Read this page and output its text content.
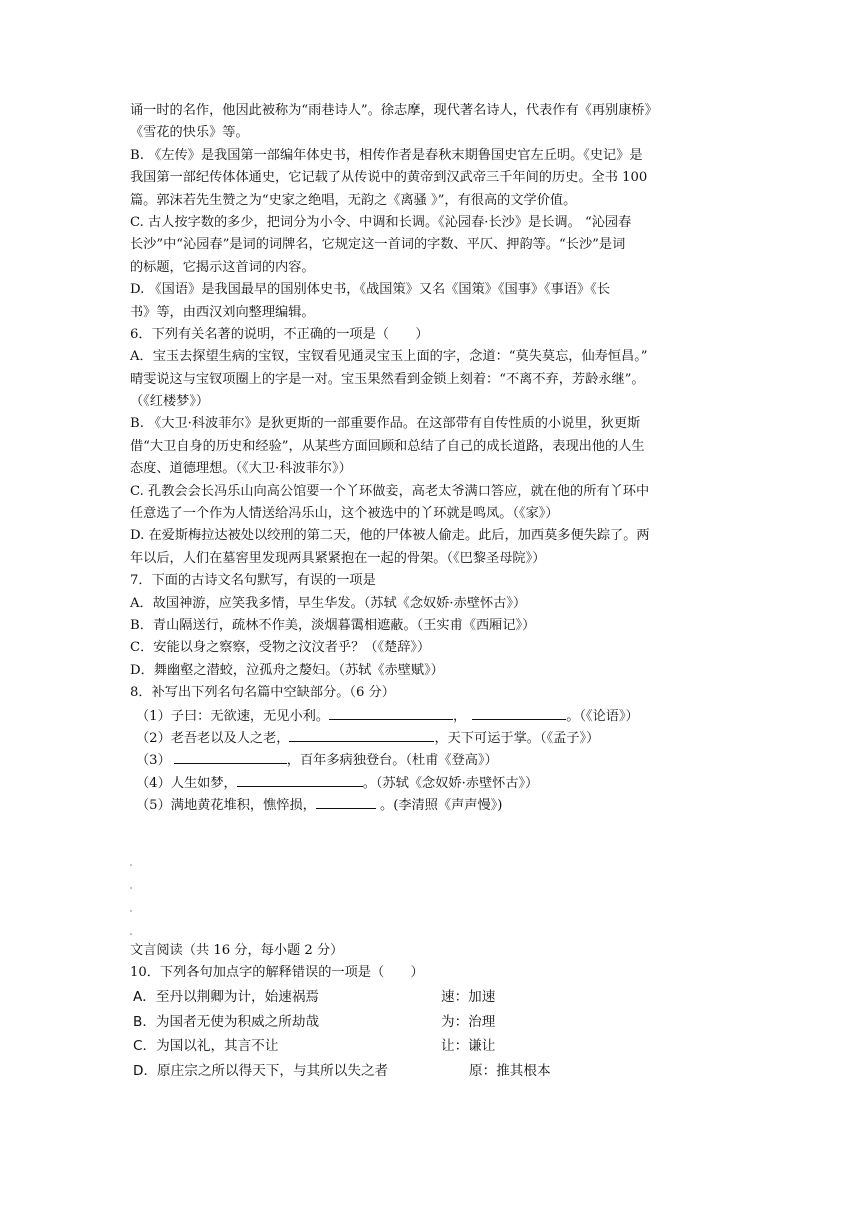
诵一时的名作，他因此被称为“雨巷诗人”。徐志摩，现代著名诗人，代表作有《再别康桥》
《雪花的快乐》等。
B. 《左传》是我国第一部编年体史书，相传作者是春秋末期鲁国史官左丘明。《史记》是
我国第一部纪传体体通史，它记载了从传说中的黄帝到汉武帝三千年间的历史。全书 100
篇。郭沫若先生赞之为“史家之绝唱，无韵之《离骚 》”，有很高的文学价值。
C. 古人按字数的多少，把词分为小令、中调和长调。《沁园春·长沙》是长调。 “沁园春
长沙”中“沁园春”是词的词牌名，它规定这一首词的字数、平仄、押韵等。“长沙”是词
的标题，它揭示这首词的内容。
D. 《国语》是我国最早的国别体史书，《战国策》又名《国策》《国事》《事语》《长
书》等，由西汉刘向整理编辑。
6．下列有关名著的说明，不正确的一项是（　　）
A．宝玉去探望生病的宝钗，宝钗看见通灵宝玉上面的字，念道：“莫失莫忘，仙寿恒昌。”
晴雯说这与宝钗项圈上的字是一对。宝玉果然看到金锁上刻着：“不离不弃，芳龄永继”。
（《红楼梦》）
B. 《大卫·科波菲尔》是狄更斯的一部重要作品。在这部带有自传性质的小说里，狄更斯
借“大卫自身的历史和经验”，从某些方面回顾和总结了自己的成长道路，表现出他的人生
态度、道德理想。（《大卫·科波菲尔》）
C. 孔教会会长冯乐山向高公馆要一个丫环做妾，高老太爷满口答应，就在他的所有丫环中
任意选了一个作为人情送给冯乐山，这个被选中的丫环就是鸣凤。（《家》）
D. 在爱斯梅拉达被处以绞刑的第二天，他的尸体被人偷走。此后，加西莫多便失踪了。两
年以后，人们在墓窖里发现两具紧紧抱在一起的骨架。（《巴黎圣母院》）
7．下面的古诗文名句默写，有误的一项是
A．故国神游，应笑我多情，早生华发。（苏轼《念奴娇·赤壁怀古》）
B．青山隔送行，疏林不作美，淡烟暮霭相遮蔽。（王实甫《西厢记》）
C．安能以身之察察，受物之汶汶者乎？（《楚辞》）
D．舞幽壑之潜蛟，泣孤舟之嫠妇。（苏轼《赤壁赋》）
8．补写出下列名句名篇中空缺部分。（6 分）
（1）子曰：无欲速，无见小利。	，	。（《论语》）
（2）老吾老以及人之老，	，天下可运于掌。（《孟子》）
（3）	，百年多病独登台。（杜甫《登高》）
（4）人生如梦，	。（苏轼《念奴娇·赤壁怀古》）
（5）满地黄花堆积，憔悴损，	。(李清照《声声慢》)
文言阅读（共 16 分，每小题 2 分）
10．下列各句加点字的解释错误的一项是（　　）
A．至丹以荆卿为计，始速祸焉	速：加速
B．为国者无使为积威之所劫哉	为：治理
C．为国以礼，其言不让	让：谦让
D．原庄宗之所以得天下，与其所以失之者	原：推其根本
